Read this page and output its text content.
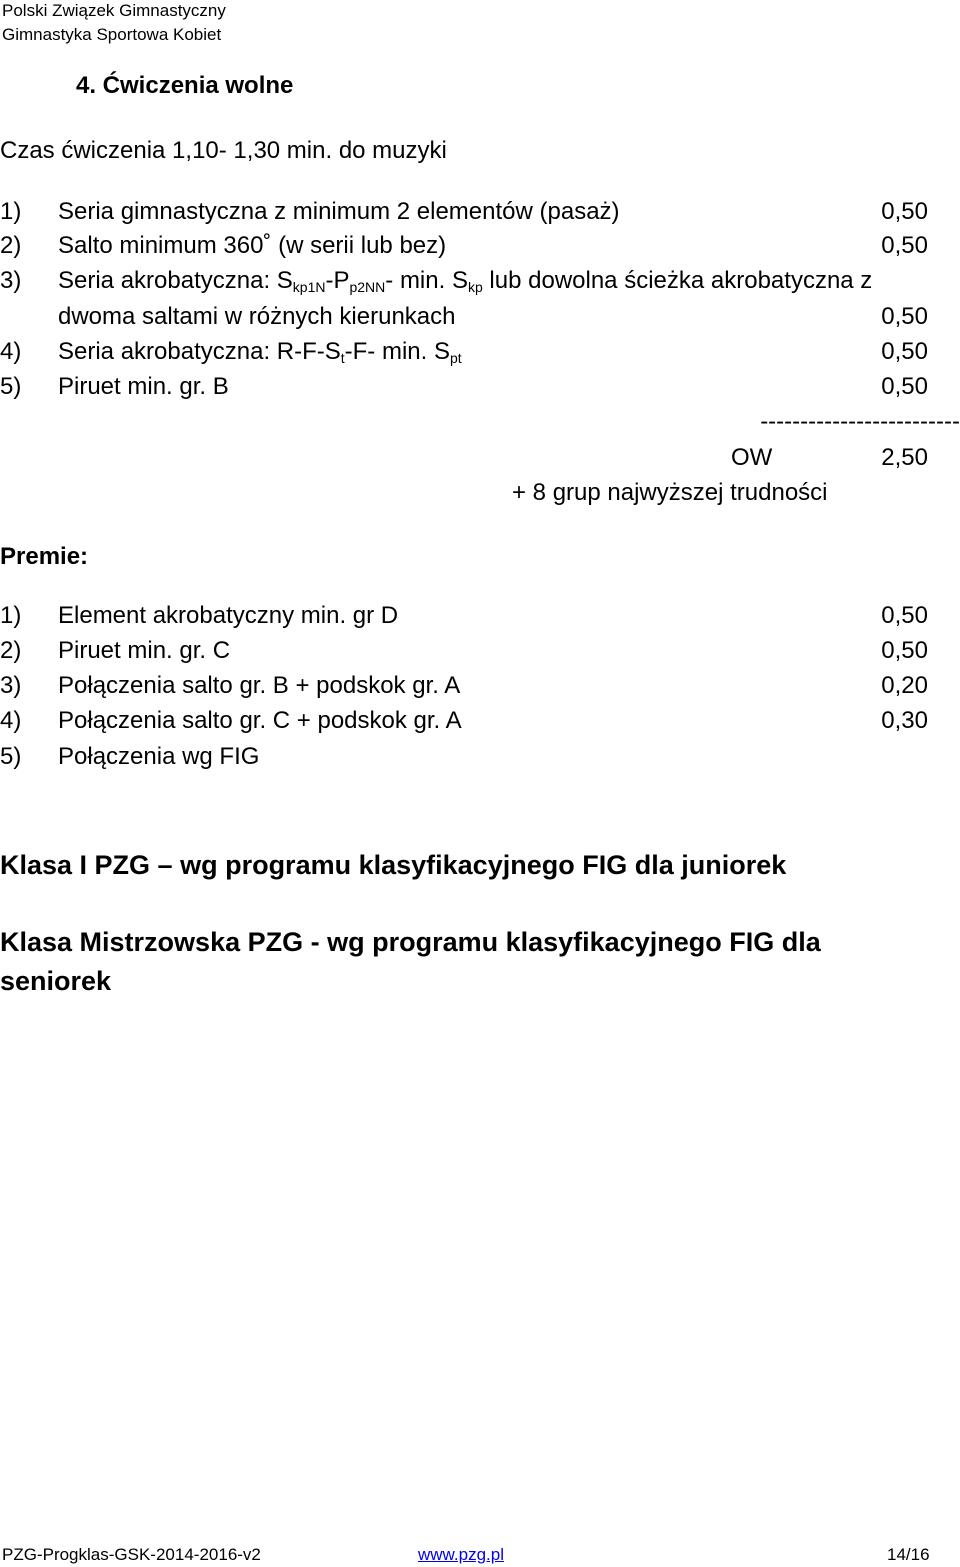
Polski Związek Gimnastyczny
Gimnastyka Sportowa Kobiet
4. Ćwiczenia wolne
Czas ćwiczenia 1,10- 1,30 min. do muzyki
1) Seria gimnastyczna z minimum 2 elementów (pasaż)	0,50
2) Salto minimum 360˚ (w serii lub bez)	0,50
3) Seria akrobatyczna: $S_{kp1N}-P_{p2NN}-$ min. $S_{kp}$ lub dowolna ścieżka akrobatyczna z
dwoma saltami w różnych kierunkach	0,50
4) Seria akrobatyczna: $R-F-S_t-F-$ min. $S_{pt}$	0,50
5) Piruet min. gr. B	0,50
-------------------------
OW	2,50
+ 8 grup najwyższej trudności
Premie:
1) Element akrobatyczny min. gr D	0,50
2) Piruet min. gr. C	0,50
3) Połączenia salto gr. B + podskok gr. A	0,20
4) Połączenia salto gr. C + podskok gr. A	0,30
5) Połączenia wg FIG
Klasa I PZG – wg programu klasyfikacyjnego FIG dla juniorek
Klasa Mistrzowska PZG - wg programu klasyfikacyjnego FIG dla
seniorek
PZG-Progklas-GSK-2014-2016-v2	www.pzg.pl	14/16
